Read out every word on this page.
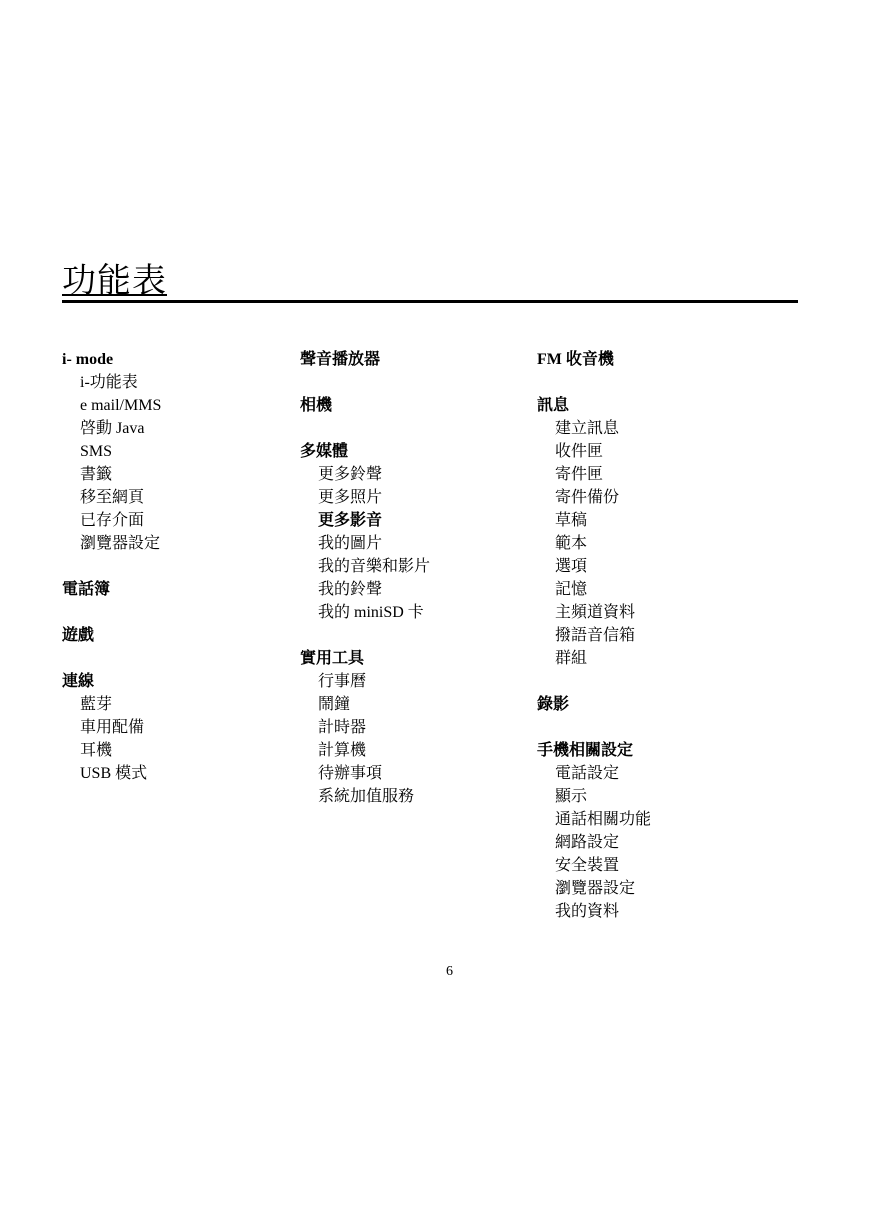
功能表
i- mode
i-功能表
e mail/MMS
啓動 Java
SMS
書籤
移至網頁
已存介面
瀏覽器設定
電話簿
遊戲
連線
藍芽
車用配備
耳機
USB 模式
聲音播放器
相機
多媒體
更多鈴聲
更多照片
更多影音
我的圖片
我的音樂和影片
我的鈴聲
我的 miniSD 卡
實用工具
行事曆
鬧鐘
計時器
計算機
待辦事項
系統加值服務
FM 收音機
訊息
建立訊息
收件匣
寄件匣
寄件備份
草稿
範本
選項
記憶
主頻道資料
撥語音信箱
群組
錄影
手機相關設定
電話設定
顯示
通話相關功能
網路設定
安全裝置
瀏覽器設定
我的資料
6
